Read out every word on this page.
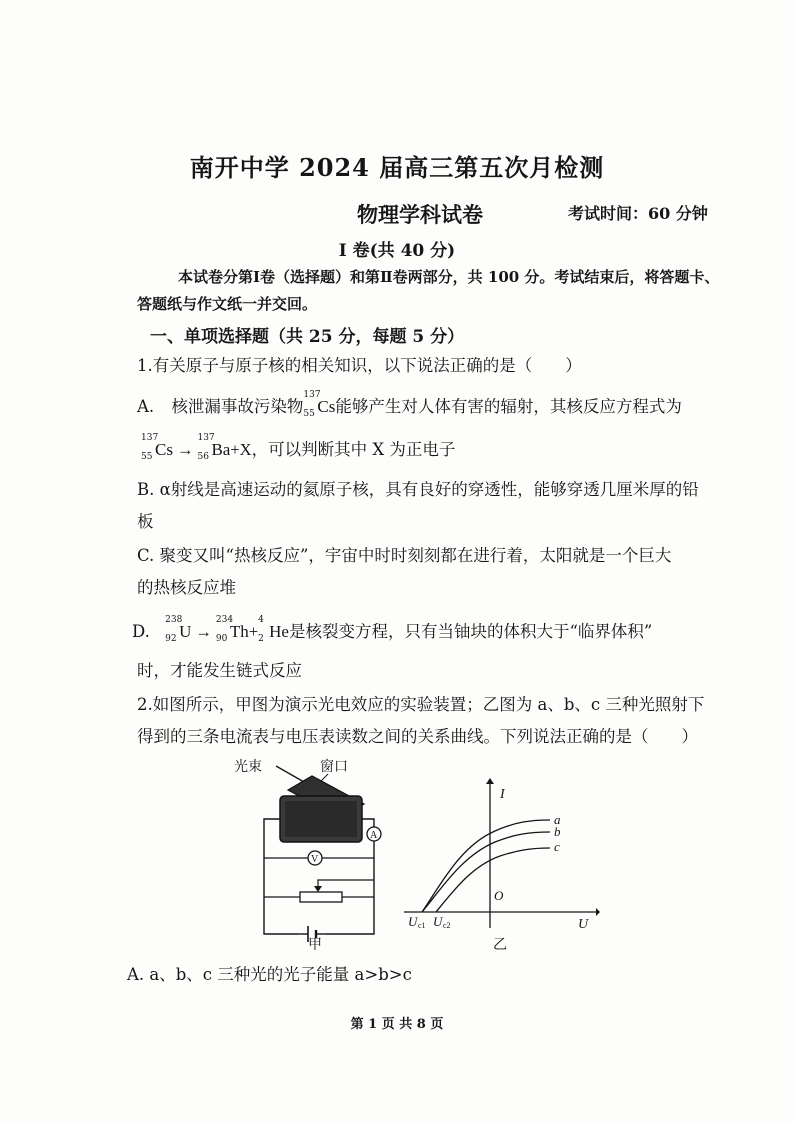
南开中学 2024 届高三第五次月检测
物理学科试卷	考试时间：60 分钟
I 卷(共 40 分)
本试卷分第Ⅰ卷（选择题）和第Ⅱ卷两部分，共 100 分。考试结束后，将答题卡、
答题纸与作文纸一并交回。
一、单项选择题（共 25 分，每题 5 分）
1.有关原子与原子核的相关知识，以下说法正确的是（　　）
A. 核泄漏事故污染物
137
55 Cs能够产生对人体有害的辐射，其核反应方程式为
137
55 Cs →
137
56 Ba+X，可以判断其中 X 为正电子
B. α射线是高速运动的氦原子核，具有良好的穿透性，能够穿透几厘米厚的铅
板
C. 聚变又叫“热核反应”，宇宙中时时刻刻都在进行着，太阳就是一个巨大
的热核反应堆
D.
238
92 U →
234
90 Th+
4
2 He是核裂变方程，只有当铀块的体积大于“临界体积”
时，才能发生链式反应
2.如图所示，甲图为演示光电效应的实验装置；乙图为 a、b、c 三种光照射下
得到的三条电流表与电压表读数之间的关系曲线。下列说法正确的是（　　）
光束	窗口
A
V
甲
I
U
O
a
b
c
U c1 U c2
乙
A. a、b、c 三种光的光子能量 a>b>c
第 1 页 共 8 页
